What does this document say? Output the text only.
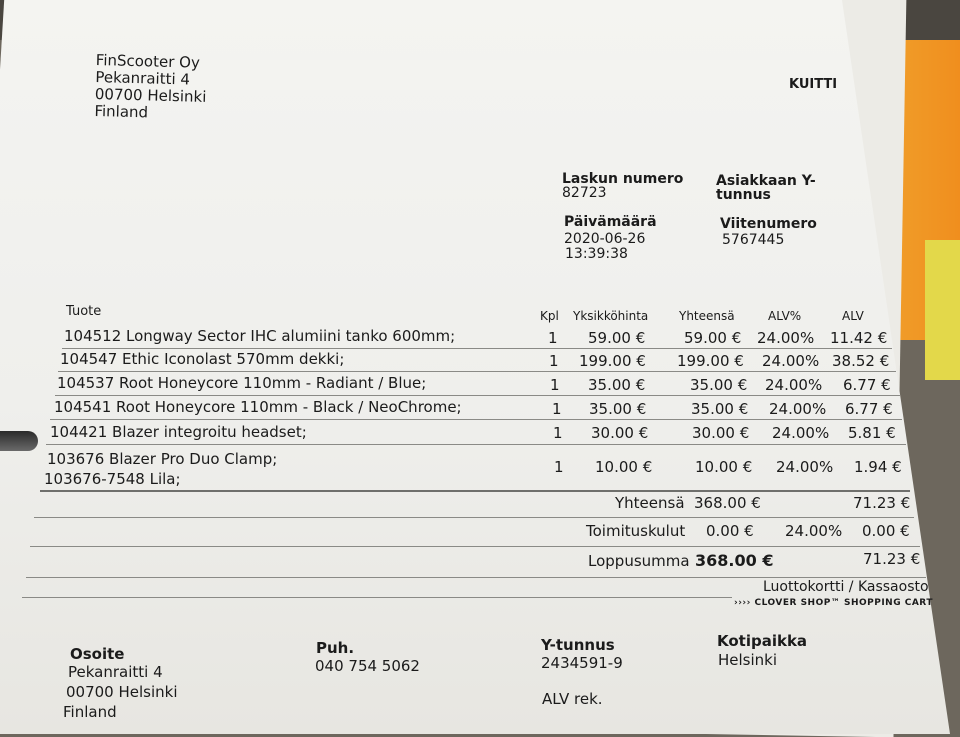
FinScooter Oy
Pekanraitti 4
00700 Helsinki
Finland
KUITTI
Laskun numero
82723
Asiakkaan Y-
tunnus
Päivämäärä
2020-06-26
13:39:38
Viitenumero
5767445
Tuote	Kpl Yksikköhinta	Yhteensä	ALV%	ALV
104512 Longway Sector IHC alumiini tanko 600mm;	1 59.00 €	59.00 € 24.00% 11.42 €
104547 Ethic Iconolast 570mm dekki;	1 199.00 € 199.00 € 24.00% 38.52 €
104537 Root Honeycore 110mm - Radiant / Blue;	1 35.00 €	35.00 € 24.00% 6.77 €
104541 Root Honeycore 110mm - Black / NeoChrome;	1 35.00 €	35.00 € 24.00% 6.77 €
104421 Blazer integroitu headset;	1 30.00 €	30.00 € 24.00% 5.81 €
103676 Blazer Pro Duo Clamp;
103676-7548 Lila;
1 10.00 €	10.00 € 24.00% 1.94 €
Yhteensä 368.00 €	71.23 €
Toimituskulut 0.00 € 24.00% 0.00 €
Loppusumma 368.00 €	71.23 €
Luottokortti / Kassaosto
›››› CLOVER SHOP™ SHOPPING CART
Osoite
Pekanraitti 4
00700 Helsinki
Finland
Puh.
040 754 5062
Y-tunnus
2434591-9
ALV rek.
Kotipaikka
Helsinki
